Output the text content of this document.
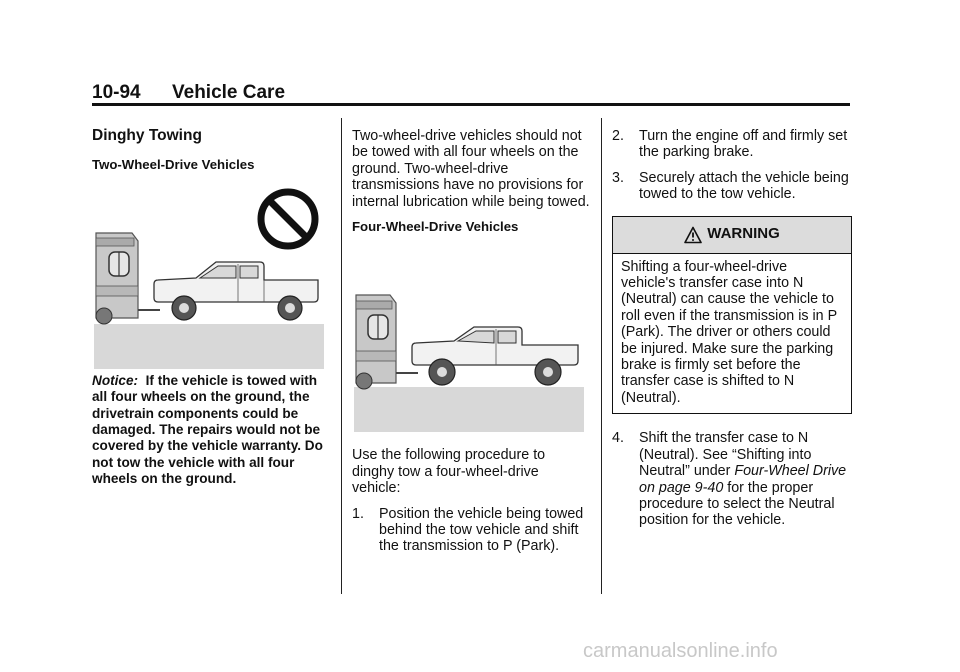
10-94 Vehicle Care
Dinghy Towing
Two-Wheel-Drive Vehicles

Notice: If the vehicle is towed with all four wheels on the ground, the drivetrain components could be damaged. The repairs would not be covered by the vehicle warranty. Do not tow the vehicle with all four wheels on the ground.

Two-wheel-drive vehicles should not be towed with all four wheels on the ground. Two-wheel-drive transmissions have no provisions for internal lubrication while being towed.

Four-Wheel-Drive Vehicles

Use the following procedure to dinghy tow a four-wheel-drive vehicle:

1. Position the vehicle being towed behind the tow vehicle and shift the transmission to P (Park).
2. Turn the engine off and firmly set the parking brake.
3. Securely attach the vehicle being towed to the tow vehicle.
WARNING
Shifting a four-wheel-drive vehicle's transfer case into N (Neutral) can cause the vehicle to roll even if the transmission is in P (Park). The driver or others could be injured. Make sure the parking brake is firmly set before the transfer case is shifted to N (Neutral).
4. Shift the transfer case to N (Neutral). See “Shifting into Neutral” under Four-Wheel Drive on page 9-40 for the proper procedure to select the Neutral position for the vehicle.
carmanualsonline.info
